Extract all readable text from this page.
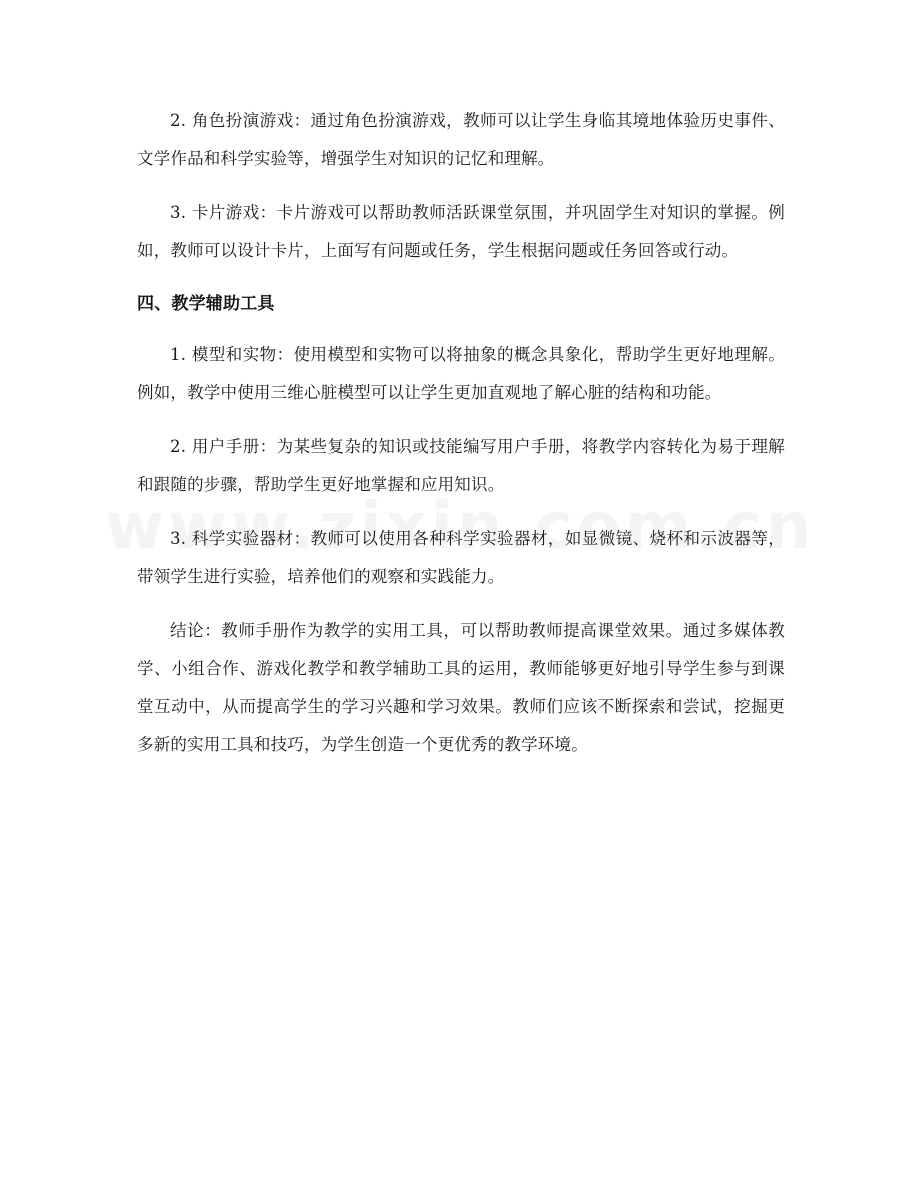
2. 角色扮演游戏：通过角色扮演游戏，教师可以让学生身临其境地体验历史事件、文学作品和科学实验等，增强学生对知识的记忆和理解。

3. 卡片游戏：卡片游戏可以帮助教师活跃课堂氛围，并巩固学生对知识的掌握。例如，教师可以设计卡片，上面写有问题或任务，学生根据问题或任务回答或行动。

四、教学辅助工具

1. 模型和实物：使用模型和实物可以将抽象的概念具象化，帮助学生更好地理解。例如，教学中使用三维心脏模型可以让学生更加直观地了解心脏的结构和功能。

2. 用户手册：为某些复杂的知识或技能编写用户手册，将教学内容转化为易于理解和跟随的步骤，帮助学生更好地掌握和应用知识。

3. 科学实验器材：教师可以使用各种科学实验器材，如显微镜、烧杯和示波器等，带领学生进行实验，培养他们的观察和实践能力。

结论：教师手册作为教学的实用工具，可以帮助教师提高课堂效果。通过多媒体教学、小组合作、游戏化教学和教学辅助工具的运用，教师能够更好地引导学生参与到课堂互动中，从而提高学生的学习兴趣和学习效果。教师们应该不断探索和尝试，挖掘更多新的实用工具和技巧，为学生创造一个更优秀的教学环境。
